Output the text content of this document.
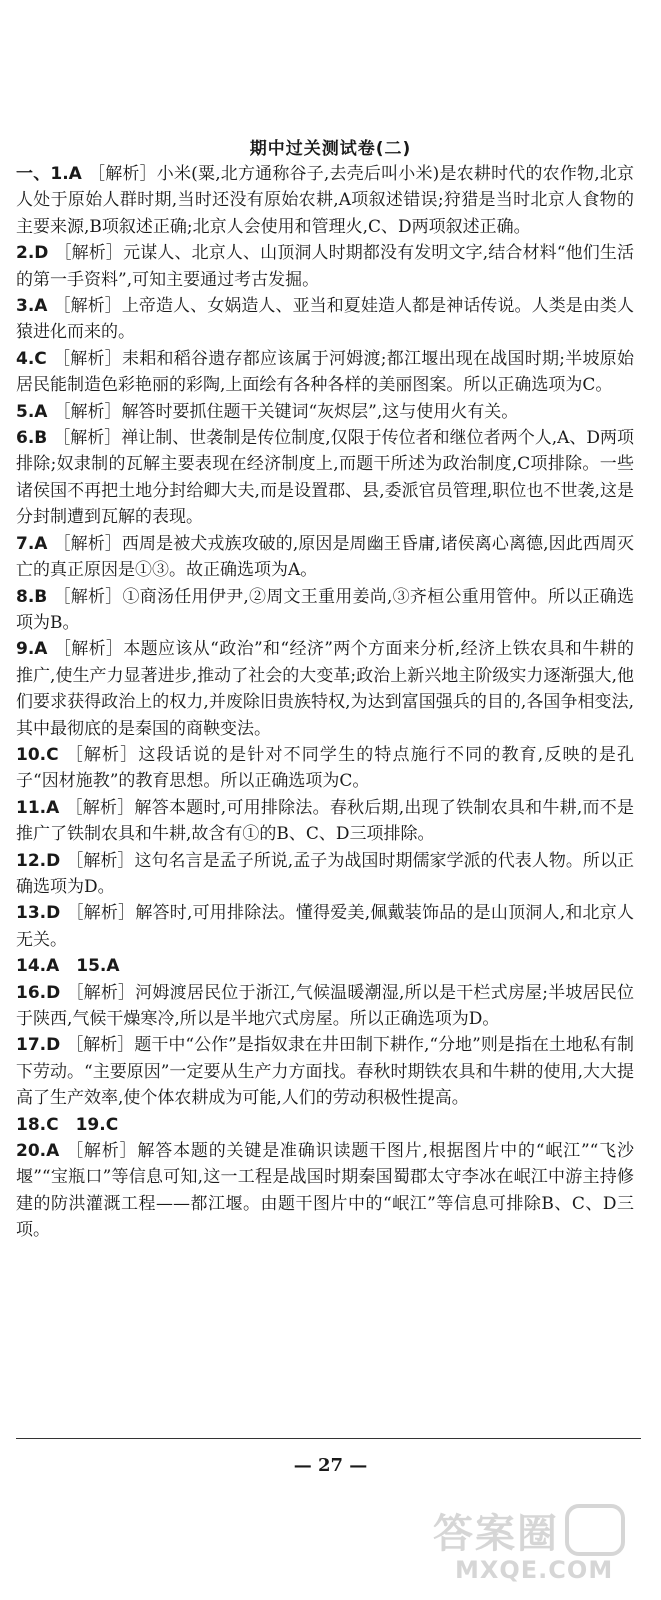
期中过关测试卷(二)
一、1.A ［解析］小米(粟,北方通称谷子,去壳后叫小米)是农耕时代的农作物,北京人处于原始人群时期,当时还没有原始农耕,A项叙述错误;狩猎是当时北京人食物的主要来源,B项叙述正确;北京人会使用和管理火,C、D两项叙述正确。
2.D ［解析］元谋人、北京人、山顶洞人时期都没有发明文字,结合材料“他们生活的第一手资料”,可知主要通过考古发掘。
3.A ［解析］上帝造人、女娲造人、亚当和夏娃造人都是神话传说。人类是由类人猿进化而来的。
4.C ［解析］耒耜和稻谷遗存都应该属于河姆渡;都江堰出现在战国时期;半坡原始居民能制造色彩艳丽的彩陶,上面绘有各种各样的美丽图案。所以正确选项为C。
5.A ［解析］解答时要抓住题干关键词“灰烬层”,这与使用火有关。
6.B ［解析］禅让制、世袭制是传位制度,仅限于传位者和继位者两个人,A、D两项排除;奴隶制的瓦解主要表现在经济制度上,而题干所述为政治制度,C项排除。一些诸侯国不再把土地分封给卿大夫,而是设置郡、县,委派官员管理,职位也不世袭,这是分封制遭到瓦解的表现。
7.A ［解析］西周是被犬戎族攻破的,原因是周幽王昏庸,诸侯离心离德,因此西周灭亡的真正原因是①③。故正确选项为A。
8.B ［解析］①商汤任用伊尹,②周文王重用姜尚,③齐桓公重用管仲。所以正确选项为B。
9.A ［解析］本题应该从“政治”和“经济”两个方面来分析,经济上铁农具和牛耕的推广,使生产力显著进步,推动了社会的大变革;政治上新兴地主阶级实力逐渐强大,他们要求获得政治上的权力,并废除旧贵族特权,为达到富国强兵的目的,各国争相变法,其中最彻底的是秦国的商鞅变法。
10.C ［解析］这段话说的是针对不同学生的特点施行不同的教育,反映的是孔子“因材施教”的教育思想。所以正确选项为C。
11.A ［解析］解答本题时,可用排除法。春秋后期,出现了铁制农具和牛耕,而不是推广了铁制农具和牛耕,故含有①的B、C、D三项排除。
12.D ［解析］这句名言是孟子所说,孟子为战国时期儒家学派的代表人物。所以正确选项为D。
13.D ［解析］解答时,可用排除法。懂得爱美,佩戴装饰品的是山顶洞人,和北京人无关。
14.A　15.A
16.D ［解析］河姆渡居民位于浙江,气候温暖潮湿,所以是干栏式房屋;半坡居民位于陕西,气候干燥寒冷,所以是半地穴式房屋。所以正确选项为D。
17.D ［解析］题干中“公作”是指奴隶在井田制下耕作,“分地”则是指在土地私有制下劳动。“主要原因”一定要从生产力方面找。春秋时期铁农具和牛耕的使用,大大提高了生产效率,使个体农耕成为可能,人们的劳动积极性提高。
18.C　19.C
20.A ［解析］解答本题的关键是准确识读题干图片,根据图片中的“岷江”“飞沙堰”“宝瓶口”等信息可知,这一工程是战国时期秦国蜀郡太守李冰在岷江中游主持修建的防洪灌溉工程——都江堰。由题干图片中的“岷江”等信息可排除B、C、D三项。
— 27 —
答案圈
MXQE.COM
